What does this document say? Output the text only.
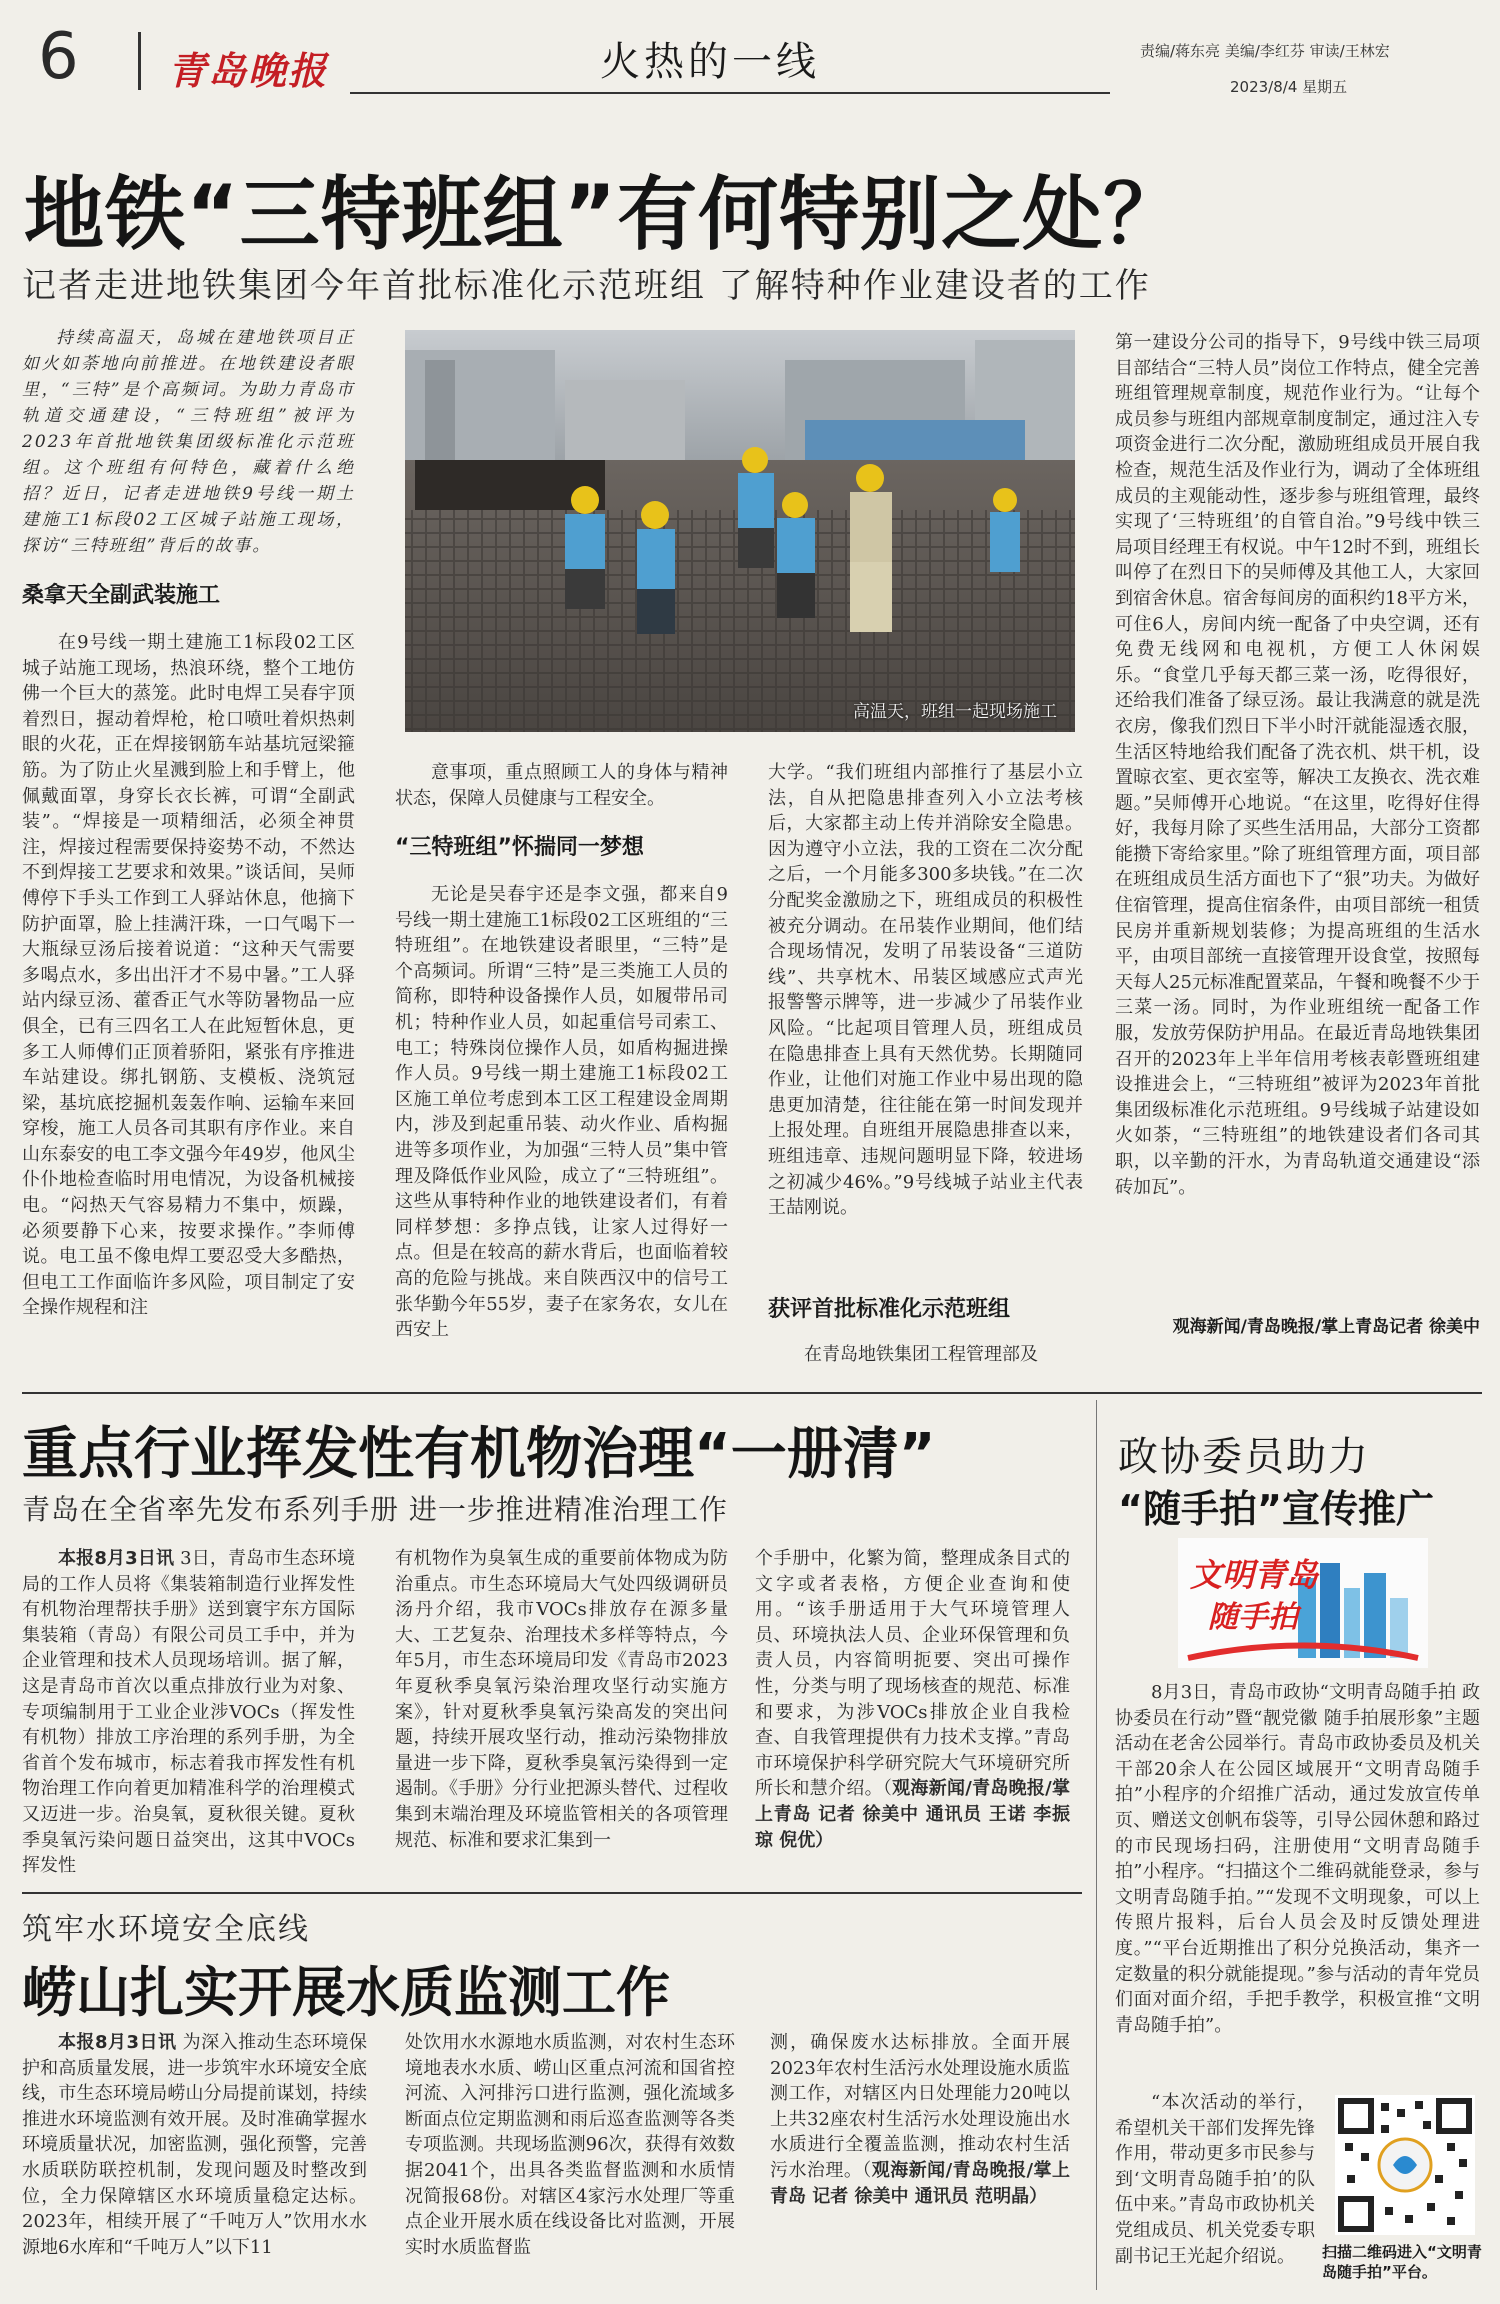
6 青岛晚报	火热的一线	责编/蒋东亮 美编/李红芬 审读/王林宏
2023/8/4 星期五
地铁“三特班组”有何特别之处？
记者走进地铁集团今年首批标准化示范班组 了解特种作业建设者的工作
持续高温天，岛城在建地铁项目正如火如荼地向前推进。在地铁建设者眼里，“三特”是个高频词。为助力青岛市轨道交通建设，“三特班组”被评为2023年首批地铁集团级标准化示范班组。这个班组有何特色，藏着什么绝招？近日，记者走进地铁9号线一期土建施工1标段02工区城子站施工现场，探访“三特班组”背后的故事。
桑拿天全副武装施工
在9号线一期土建施工1标段02工区城子站施工现场，热浪环绕，整个工地仿佛一个巨大的蒸笼。此时电焊工吴春宇顶着烈日，握动着焊枪，枪口喷吐着炽热刺眼的火花，正在焊接钢筋车站基坑冠梁箍筋。为了防止火星溅到脸上和手臂上，他佩戴面罩，身穿长衣长裤，可谓“全副武装”。“焊接是一项精细活，必须全神贯注，焊接过程需要保持姿势不动，不然达不到焊接工艺要求和效果。”谈话间，吴师傅停下手头工作到工人驿站休息，他摘下防护面罩，脸上挂满汗珠，一口气喝下一大瓶绿豆汤后接着说道：“这种天气需要多喝点水，多出出汗才不易中暑。”工人驿站内绿豆汤、藿香正气水等防暑物品一应俱全，已有三四名工人在此短暂休息，更多工人师傅们正顶着骄阳，紧张有序推进车站建设。绑扎钢筋、支模板、浇筑冠梁，基坑底挖掘机轰轰作响、运输车来回穿梭，施工人员各司其职有序作业。来自山东泰安的电工李文强今年49岁，他风尘仆仆地检查临时用电情况，为设备机械接电。“闷热天气容易精力不集中，烦躁，必须要静下心来，按要求操作。”李师傅说。电工虽不像电焊工要忍受大多酷热，但电工工作面临许多风险，项目制定了安全操作规程和注
高温天，班组一起现场施工
意事项，重点照顾工人的身体与精神状态，保障人员健康与工程安全。
“三特班组”怀揣同一梦想
无论是吴春宇还是李文强，都来自9号线一期土建施工1标段02工区班组的“三特班组”。在地铁建设者眼里，“三特”是个高频词。所谓“三特”是三类施工人员的简称，即特种设备操作人员，如履带吊司机；特种作业人员，如起重信号司索工、电工；特殊岗位操作人员，如盾构掘进操作人员。9号线一期土建施工1标段02工区施工单位考虑到本工区工程建设金周期内，涉及到起重吊装、动火作业、盾构掘进等多项作业，为加强“三特人员”集中管理及降低作业风险，成立了“三特班组”。这些从事特种作业的地铁建设者们，有着同样梦想：多挣点钱，让家人过得好一点。但是在较高的薪水背后，也面临着较高的危险与挑战。来自陕西汉中的信号工张华勤今年55岁，妻子在家务农，女儿在西安上
大学。“我们班组内部推行了基层小立法，自从把隐患排查列入小立法考核后，大家都主动上传并消除安全隐患。因为遵守小立法，我的工资在二次分配之后，一个月能多300多块钱。”在二次分配奖金激励之下，班组成员的积极性被充分调动。在吊装作业期间，他们结合现场情况，发明了吊装设备“三道防线”、共享枕木、吊装区域感应式声光报警警示牌等，进一步减少了吊装作业风险。“比起项目管理人员，班组成员在隐患排查上具有天然优势。长期随同作业，让他们对施工作业中易出现的隐患更加清楚，往往能在第一时间发现并上报处理。自班组开展隐患排查以来，班组违章、违规问题明显下降，较进场之初减少46%。”9号线城子站业主代表王喆刚说。
获评首批标准化示范班组
在青岛地铁集团工程管理部及
第一建设分公司的指导下，9号线中铁三局项目部结合“三特人员”岗位工作特点，健全完善班组管理规章制度，规范作业行为。“让每个成员参与班组内部规章制度制定，通过注入专项资金进行二次分配，激励班组成员开展自我检查，规范生活及作业行为，调动了全体班组成员的主观能动性，逐步参与班组管理，最终实现了‘三特班组’的自管自治。”9号线中铁三局项目经理王有权说。中午12时不到，班组长叫停了在烈日下的吴师傅及其他工人，大家回到宿舍休息。宿舍每间房的面积约18平方米，可住6人，房间内统一配备了中央空调，还有免费无线网和电视机，方便工人休闲娱乐。“食堂几乎每天都三菜一汤，吃得很好，还给我们准备了绿豆汤。最让我满意的就是洗衣房，像我们烈日下半小时汗就能湿透衣服，生活区特地给我们配备了洗衣机、烘干机，设置晾衣室、更衣室等，解决工友换衣、洗衣难题。”吴师傅开心地说。“在这里，吃得好住得好，我每月除了买些生活用品，大部分工资都能攒下寄给家里。”除了班组管理方面，项目部在班组成员生活方面也下了“狠”功夫。为做好住宿管理，提高住宿条件，由项目部统一租赁民房并重新规划装修；为提高班组的生活水平，由项目部统一直接管理开设食堂，按照每天每人25元标准配置菜品，午餐和晚餐不少于三菜一汤。同时，为作业班组统一配备工作服，发放劳保防护用品。在最近青岛地铁集团召开的2023年上半年信用考核表彰暨班组建设推进会上，“三特班组”被评为2023年首批集团级标准化示范班组。9号线城子站建设如火如荼，“三特班组”的地铁建设者们各司其职，以辛勤的汗水，为青岛轨道交通建设“添砖加瓦”。
观海新闻/青岛晚报/掌上青岛记者 徐美中
重点行业挥发性有机物治理“一册清”
青岛在全省率先发布系列手册 进一步推进精准治理工作
本报8月3日讯 3日，青岛市生态环境局的工作人员将《集装箱制造行业挥发性有机物治理帮扶手册》送到寰宇东方国际集装箱（青岛）有限公司员工手中，并为企业管理和技术人员现场培训。据了解，这是青岛市首次以重点排放行业为对象、专项编制用于工业企业涉VOCs（挥发性有机物）排放工序治理的系列手册，为全省首个发布城市，标志着我市挥发性有机物治理工作向着更加精准科学的治理模式又迈进一步。治臭氧，夏秋很关键。夏秋季臭氧污染问题日益突出，这其中VOCs挥发性
有机物作为臭氧生成的重要前体物成为防治重点。市生态环境局大气处四级调研员汤丹介绍，我市VOCs排放存在源多量大、工艺复杂、治理技术多样等特点，今年5月，市生态环境局印发《青岛市2023年夏秋季臭氧污染治理攻坚行动实施方案》，针对夏秋季臭氧污染高发的突出问题，持续开展攻坚行动，推动污染物排放量进一步下降，夏秋季臭氧污染得到一定遏制。《手册》分行业把源头替代、过程收集到末端治理及环境监管相关的各项管理规范、标准和要求汇集到一
个手册中，化繁为简，整理成条目式的文字或者表格，方便企业查询和使用。“该手册适用于大气环境管理人员、环境执法人员、企业环保管理和负责人员，内容简明扼要、突出可操作性，分类与明了现场核查的规范、标准和要求，为涉VOCs排放企业自我检查、自我管理提供有力技术支撑。”青岛市环境保护科学研究院大气环境研究所所长和慧介绍。（观海新闻/青岛晚报/掌上青岛 记者 徐美中 通讯员 王诺 李振琼 倪优）
筑牢水环境安全底线
崂山扎实开展水质监测工作
本报8月3日讯 为深入推动生态环境保护和高质量发展，进一步筑牢水环境安全底线，市生态环境局崂山分局提前谋划，持续推进水环境监测有效开展。及时准确掌握水环境质量状况，加密监测，强化预警，完善水质联防联控机制，发现问题及时整改到位，全力保障辖区水环境质量稳定达标。2023年，相续开展了“千吨万人”饮用水水源地6水库和“千吨万人”以下11
处饮用水水源地水质监测，对农村生态环境地表水水质、崂山区重点河流和国省控河流、入河排污口进行监测，强化流域多断面点位定期监测和雨后巡查监测等各类专项监测。共现场监测96次，获得有效数据2041个，出具各类监督监测和水质情况简报68份。对辖区4家污水处理厂等重点企业开展水质在线设备比对监测，开展实时水质监督监
测，确保废水达标排放。全面开展2023年农村生活污水处理设施水质监测工作，对辖区内日处理能力20吨以上共32座农村生活污水处理设施出水水质进行全覆盖监测，推动农村生活污水治理。（观海新闻/青岛晚报/掌上青岛 记者 徐美中 通讯员 范明晶）
政协委员助力
“随手拍”宣传推广
文明青岛
随手拍
8月3日，青岛市政协“文明青岛随手拍 政协委员在行动”暨“靓党徽 随手拍展形象”主题活动在老舍公园举行。青岛市政协委员及机关干部20余人在公园区域展开“文明青岛随手拍”小程序的介绍推广活动，通过发放宣传单页、赠送文创帆布袋等，引导公园休憩和路过的市民现场扫码，注册使用“文明青岛随手拍”小程序。“扫描这个二维码就能登录，参与文明青岛随手拍。”“发现不文明现象，可以上传照片报料，后台人员会及时反馈处理进度。”“平台近期推出了积分兑换活动，集齐一定数量的积分就能提现。”参与活动的青年党员们面对面介绍，手把手教学，积极宣推“文明青岛随手拍”。
“本次活动的举行，希望机关干部们发挥先锋作用，带动更多市民参与到‘文明青岛随手拍’的队伍中来。”青岛市政协机关党组成员、机关党委专职副书记王光起介绍说。	扫描二维码进入“文明青岛随手拍”平台。
